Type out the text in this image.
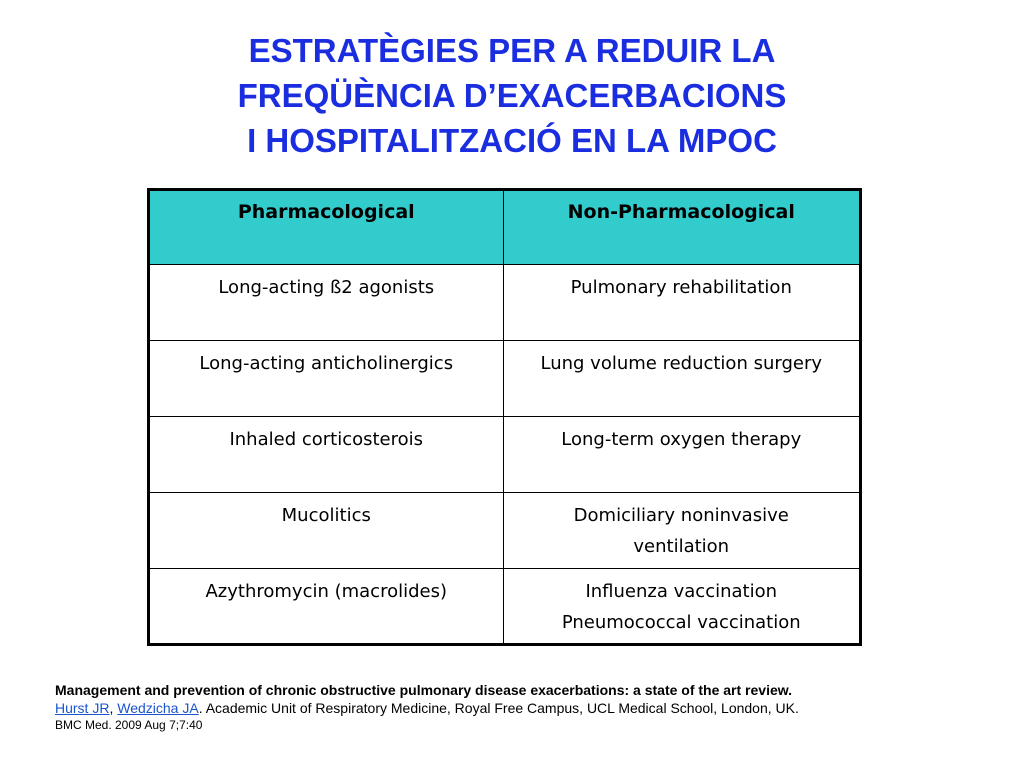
ESTRATÈGIES PER A REDUIR LA
FREQÜÈNCIA D’EXACERBACIONS
I HOSPITALITZACIÓ EN LA MPOC
Pharmacological	Non-Pharmacological

Long-acting ß2 agonists	Pulmonary rehabilitation

Long-acting anticholinergics	Lung volume reduction surgery

Inhaled corticosterois	Long-term oxygen therapy

Mucolitics	Domiciliary noninvasive
ventilation

Azythromycin (macrolides)	Influenza vaccination
Pneumococcal vaccination
Management and prevention of chronic obstructive pulmonary disease exacerbations: a state of the art review.
Hurst JR, Wedzicha JA. Academic Unit of Respiratory Medicine, Royal Free Campus, UCL Medical School, London, UK.
BMC Med. 2009 Aug 7;7:40
